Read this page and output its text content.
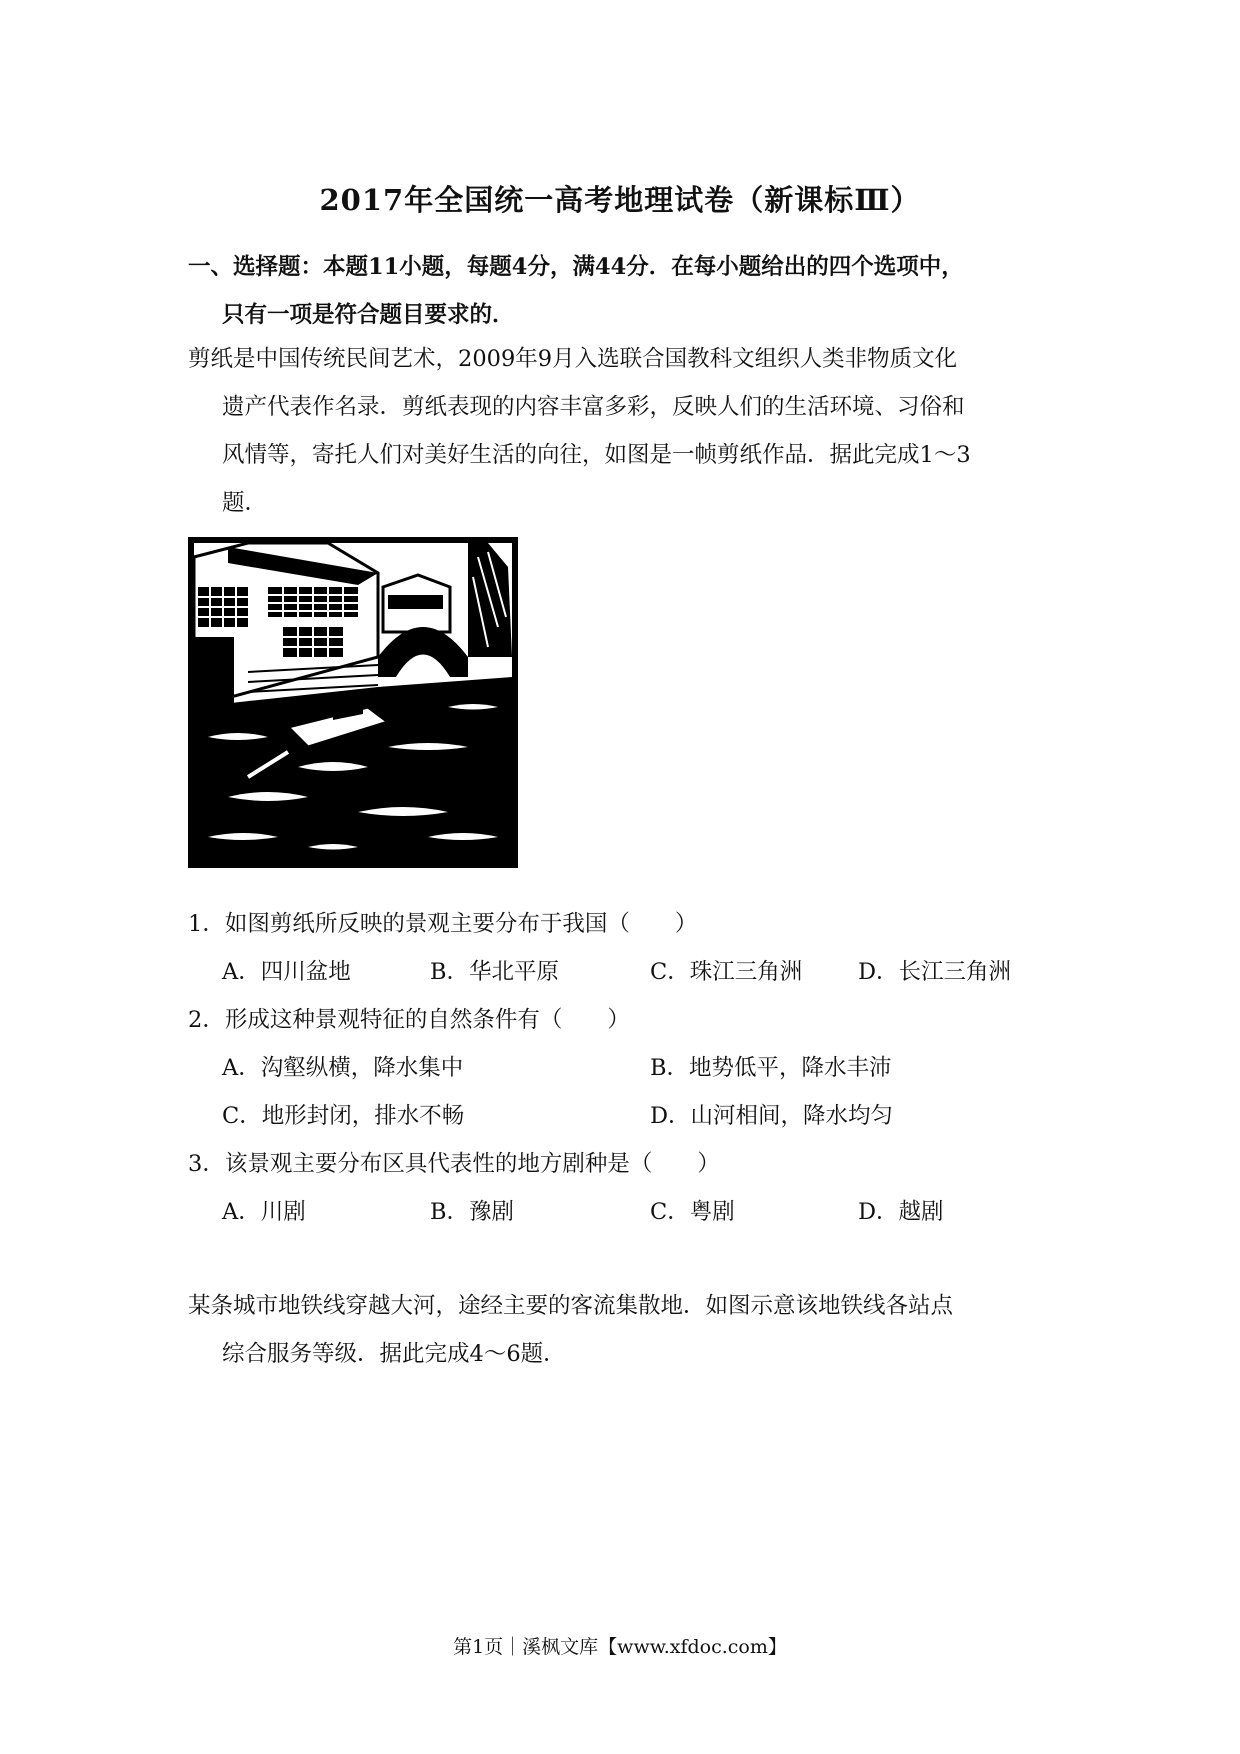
2017年全国统一高考地理试卷（新课标Ⅲ）
一、选择题：本题11小题，每题4分，满44分．在每小题给出的四个选项中，
只有一项是符合题目要求的．
剪纸是中国传统民间艺术，2009年9月入选联合国教科文组织人类非物质文化
遗产代表作名录．剪纸表现的内容丰富多彩，反映人们的生活环境、习俗和
风情等，寄托人们对美好生活的向往，如图是一帧剪纸作品．据此完成1～3
题．
1．如图剪纸所反映的景观主要分布于我国（　　）
A．四川盆地	B．华北平原	C．珠江三角洲 D．长江三角洲
2．形成这种景观特征的自然条件有（　　）
A．沟壑纵横，降水集中	B．地势低平，降水丰沛
C．地形封闭，排水不畅	D．山河相间，降水均匀
3．该景观主要分布区具代表性的地方剧种是（　　）
A．川剧	B．豫剧	C．粤剧	D．越剧
某条城市地铁线穿越大河，途经主要的客流集散地．如图示意该地铁线各站点
综合服务等级．据此完成4～6题．
第1页｜溪枫文库【www.xfdoc.com】
